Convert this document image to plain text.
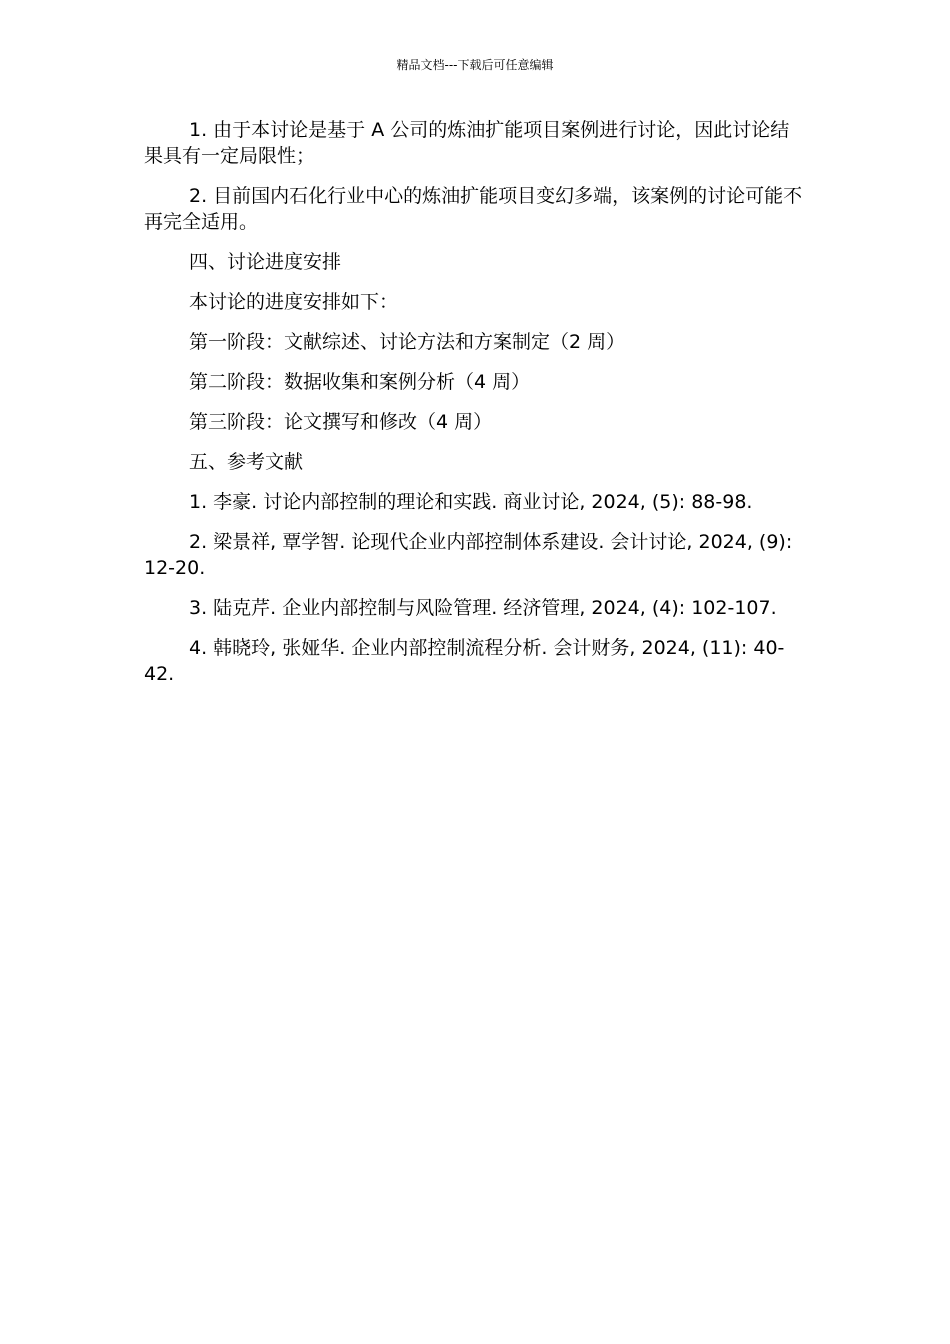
精品文档---下载后可任意编辑

1. 由于本讨论是基于 A 公司的炼油扩能项目案例进行讨论，因此讨论结果具有一定局限性；

2. 目前国内石化行业中心的炼油扩能项目变幻多端，该案例的讨论可能不再完全适用。

四、讨论进度安排

本讨论的进度安排如下：

第一阶段：文献综述、讨论方法和方案制定（2 周）

第二阶段：数据收集和案例分析（4 周）

第三阶段：论文撰写和修改（4 周）

五、参考文献

1. 李豪. 讨论内部控制的理论和实践. 商业讨论, 2024, (5): 88-98.

2. 梁景祥, 覃学智. 论现代企业内部控制体系建设. 会计讨论, 2024, (9): 12-20.

3. 陆克芹. 企业内部控制与风险管理. 经济管理, 2024, (4): 102-107.

4. 韩晓玲, 张娅华. 企业内部控制流程分析. 会计财务, 2024, (11): 40-42.
